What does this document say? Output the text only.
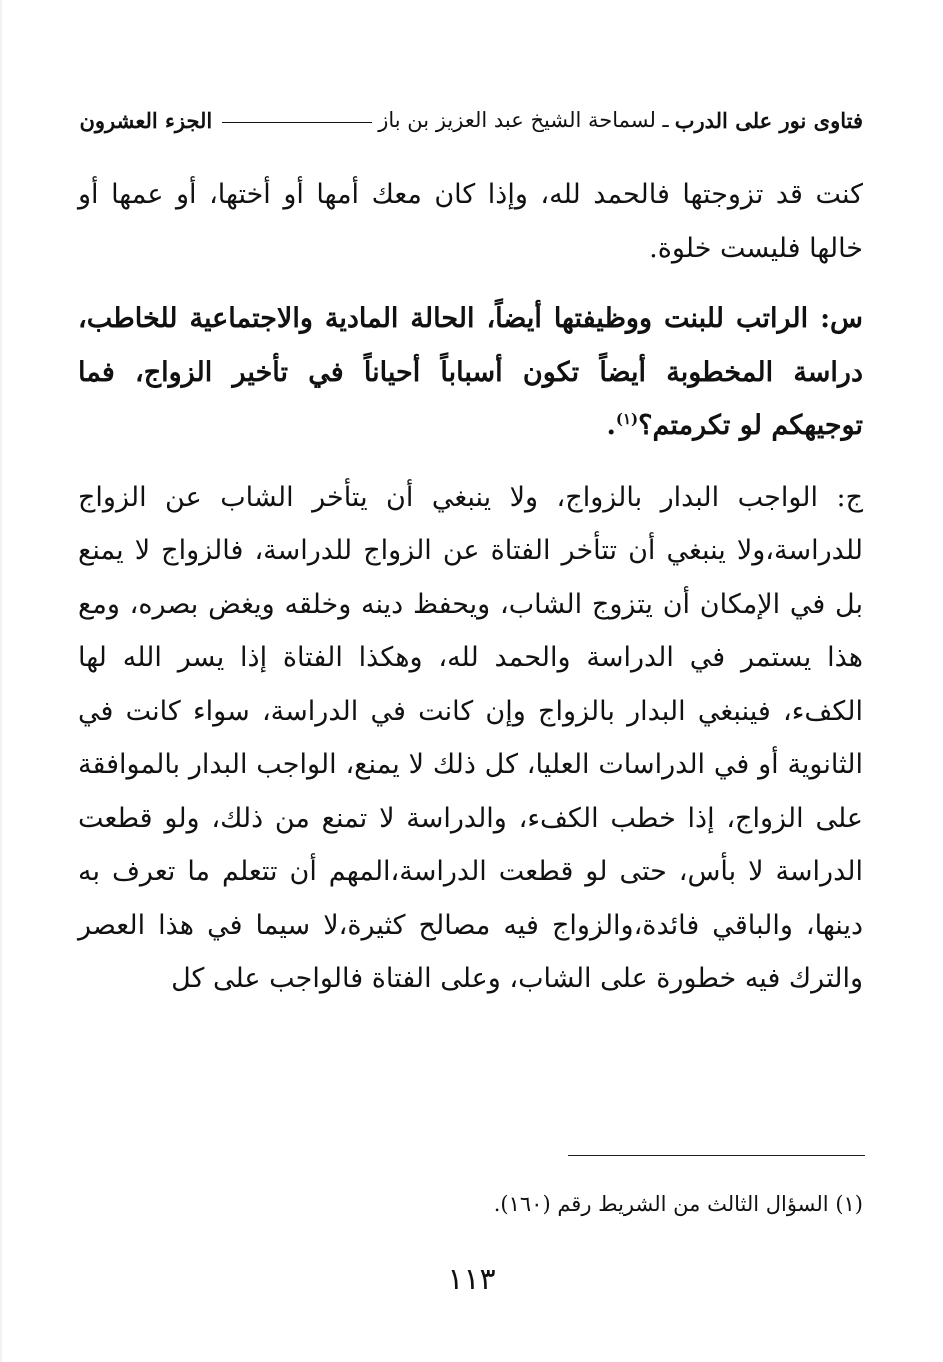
فتاوى نور على الدرب
ـ لسماحة الشيخ عبد العزيز بن باز
الجزء العشرون

كنت قد تزوجتها فالحمد لله، وإذا كان معك أمها أو أختها، أو عمها أو خالها فليست خلوة.

س: الراتب للبنت ووظيفتها أيضاً، الحالة المادية والاجتماعية للخاطب، دراسة المخطوبة أيضاً تكون أسباباً أحياناً في تأخير الزواج، فما توجيهكم لو تكرمتم؟$^{(١)}$.

ج: الواجب البدار بالزواج، ولا ينبغي أن يتأخر الشاب عن الزواج للدراسة،ولا ينبغي أن تتأخر الفتاة عن الزواج للدراسة، فالزواج لا يمنع بل في الإمكان أن يتزوج الشاب، ويحفظ دينه وخلقه ويغض بصره، ومع هذا يستمر في الدراسة والحمد لله، وهكذا الفتاة إذا يسر الله لها الكفء، فينبغي البدار بالزواج وإن كانت في الدراسة، سواء كانت في الثانوية أو في الدراسات العليا، كل ذلك لا يمنع، الواجب البدار بالموافقة على الزواج، إذا خطب الكفء، والدراسة لا تمنع من ذلك، ولو قطعت الدراسة لا بأس، حتى لو قطعت الدراسة،المهم أن تتعلم ما تعرف به دينها، والباقي فائدة،والزواج فيه مصالح كثيرة،لا سيما في هذا العصر والترك فيه خطورة على الشاب، وعلى الفتاة فالواجب على كل

(١) السؤال الثالث من الشريط رقم (١٦٠).
١١٣
